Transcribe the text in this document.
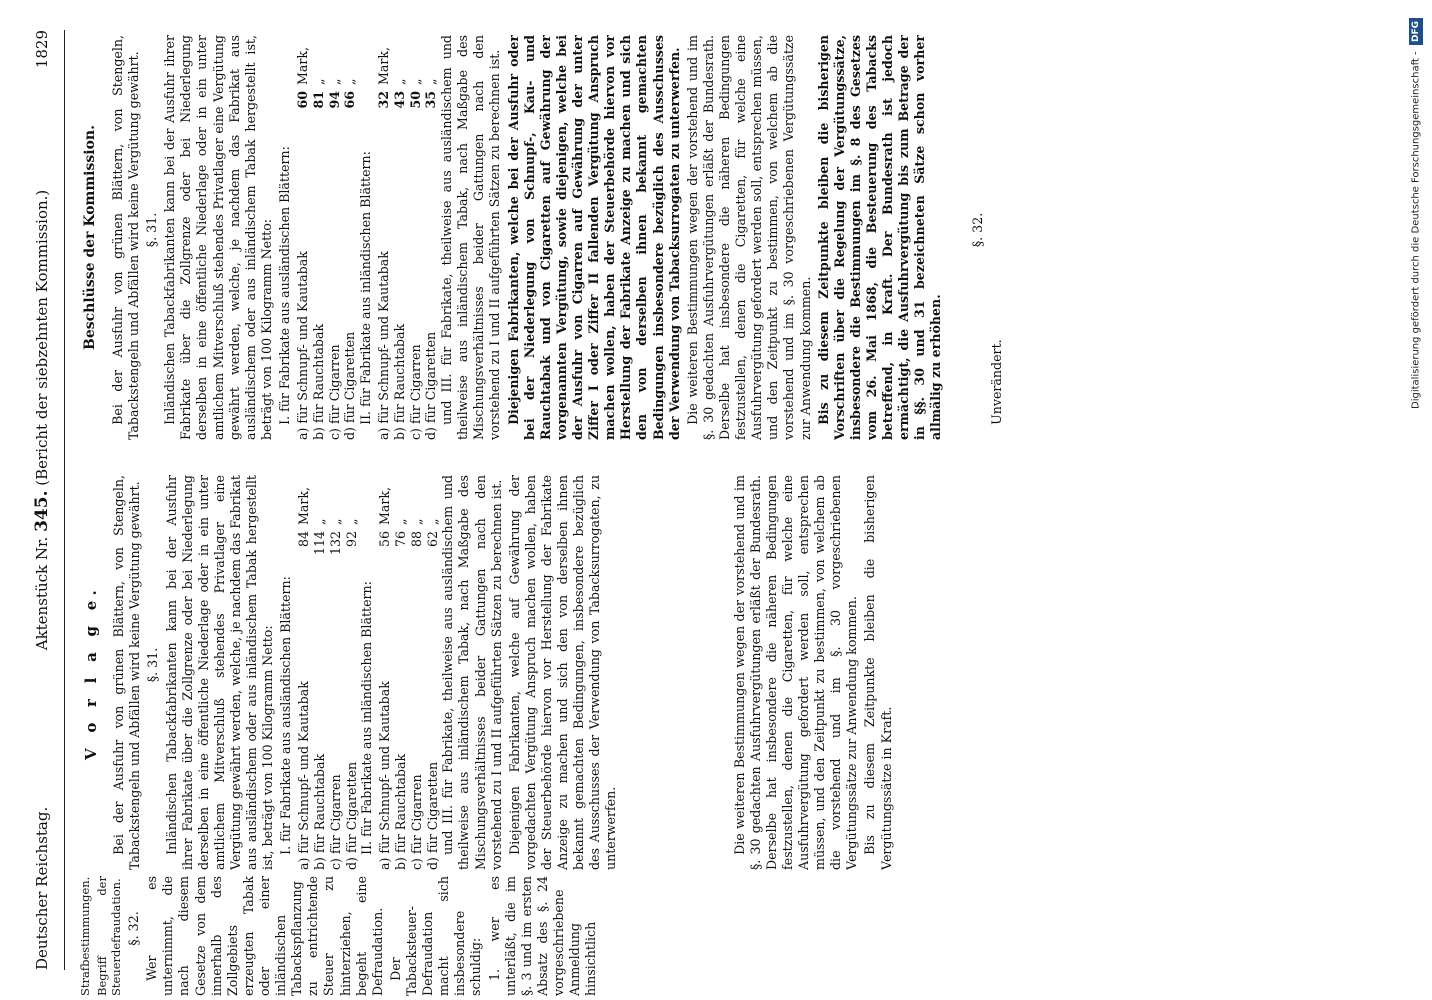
Deutscher Reichstag.
Aktenstück Nr. 345. (Bericht der siebzehnten Kommission.)
1829

Strafbestimmungen. Begriff der Steuerdefraudation. §. 32. Wer es unternimmt, die nach diesem Gesetze von dem innerhalb des Zollgebiets erzeugten Tabak oder einer inländischen Tabackspflanzung zu entrichtende Steuer zu hinterziehen, begeht eine Defraudation. Der Tabacksteuer-Defraudation macht sich insbesondere schuldig: 1. wer es unterläßt, die im §. 3 und im ersten Absatz des §. 24 vorgeschriebene Anmeldung hinsichtlich

V o r l a g e. Bei der Ausfuhr von grünen Blättern, von Stengeln, Tabackstengeln und Abfällen wird keine Vergütung gewährt. §. 31. Inländischen Tabackfabrikanten kann bei der Ausfuhr ihrer Fabrikate über die Zollgrenze oder bei Niederlegung derselben in eine öffentliche Niederlage oder in ein unter amtlichem Mitverschluß stehendes Privatlager eine Vergütung gewährt werden, welche, je nachdem das Fabrikat aus ausländischem oder aus inländischem Tabak hergestellt ist, beträgt von 100 Kilogramm Netto: I. für Fabrikate aus ausländischen Blättern: a) für Schnupf- und Kautabak	84	Mark,
b) für Rauchtabak	114	„
c) für Cigarren	132	„
d) für Cigaretten	92	„

II. für Fabrikate aus inländischen Blättern: a) für Schnupf- und Kautabak	56	Mark,
b) für Rauchtabak	76	„
c) für Cigarren	88	„
d) für Cigaretten	62	„ und III. für Fabrikate, theilweise aus ausländischem und theilweise aus inländischem Tabak, nach Maßgabe des Mischungsverhältnisses beider Gattungen nach den vorstehend zu I und II aufgeführten Sätzen zu berechnen ist. Diejenigen Fabrikanten, welche auf Gewährung der vorgedachten Vergütung Anspruch machen wollen, haben der Steuerbehörde hiervon vor Herstellung der Fabrikate Anzeige zu machen und sich den von derselben ihnen bekannt gemachten Bedingungen, insbesondere bezüglich des Ausschusses der Verwendung von Tabacksurrogaten, zu unterwerfen.	Die weiteren Bestimmungen wegen der vorstehend und im §. 30 gedachten Ausfuhrvergütungen erläßt der Bundesrath. Derselbe hat insbesondere die näheren Bedingungen festzustellen, denen die Cigaretten, für welche eine Ausfuhrvergütung gefordert werden soll, entsprechen müssen, und den Zeitpunkt zu bestimmen, von welchem ab die vorstehend und im §. 30 vorgeschriebenen Vergütungssätze zur Anwendung kommen. Bis zu diesem Zeitpunkte bleiben die bisherigen Vergütungssätze in Kraft.

Beschlüsse der Kommission. Bei der Ausfuhr von grünen Blättern, von Stengeln, Tabackstengeln und Abfällen wird keine Vergütung gewährt. §. 31. Inländischen Tabackfabrikanten kann bei der Ausfuhr ihrer Fabrikate über die Zollgrenze oder bei Niederlegung derselben in eine öffentliche Niederlage oder in ein unter amtlichem Mitverschluß stehendes Privatlager eine Vergütung gewährt werden, welche, je nachdem das Fabrikat aus ausländischem oder aus inländischem Tabak hergestellt ist, beträgt von 100 Kilogramm Netto: I. für Fabrikate aus ausländischen Blättern: a) für Schnupf- und Kautabak	60	Mark,
b) für Rauchtabak	81	„
c) für Cigarren	94	„
d) für Cigaretten	66	„

II. für Fabrikate aus inländischen Blättern: a) für Schnupf- und Kautabak	32	Mark,
b) für Rauchtabak	43	„
c) für Cigarren	50	„
d) für Cigaretten	35	„ und III. für Fabrikate, theilweise aus ausländischem und theilweise aus inländischem Tabak, nach Maßgabe des Mischungsverhältnisses beider Gattungen nach den vorstehend zu I und II aufgeführten Sätzen zu berechnen ist. Diejenigen Fabrikanten, welche bei der Ausfuhr oder bei der Niederlegung von Schnupf-, Kau- und Rauchtabak und von Cigaretten auf Gewährung der vorgenannten Vergütung, sowie diejenigen, welche bei der Ausfuhr von Cigarren auf Gewährung der unter Ziffer I oder Ziffer II fallenden Vergütung Anspruch machen wollen, haben der Steuerbehörde hiervon vor Herstellung der Fabrikate Anzeige zu machen und sich den von derselben ihnen bekannt gemachten Bedingungen insbesondere bezüglich des Ausschusses der Verwendung von Tabacksurrogaten zu unterwerfen. Die weiteren Bestimmungen wegen der vorstehend und im §. 30 gedachten Ausfuhrvergütungen erläßt der Bundesrath. Derselbe hat insbesondere die näheren Bedingungen festzustellen, denen die Cigaretten, für welche eine Ausfuhrvergütung gefordert werden soll, entsprechen müssen, und den Zeitpunkt zu bestimmen, von welchem ab die vorstehend und im §. 30 vorgeschriebenen Vergütungssätze zur Anwendung kommen. Bis zu diesem Zeitpunkte bleiben die bisherigen Vorschriften über die Regelung der Vergütungssätze, insbesondere die Bestimmungen im §. 8 des Gesetzes vom 26. Mai 1868, die Besteuerung des Tabacks betreffend, in Kraft. Der Bundesrath ist jedoch ermächtigt, die Ausfuhrvergütung bis zum Betrage der in §§. 30 und 31 bezeichneten Sätze schon vorher allmälig zu erhöhen.

§. 32.

Unverändert.	Digitalisierung gefördert durch die Deutsche Forschungsgemeinschaft -
DFG
